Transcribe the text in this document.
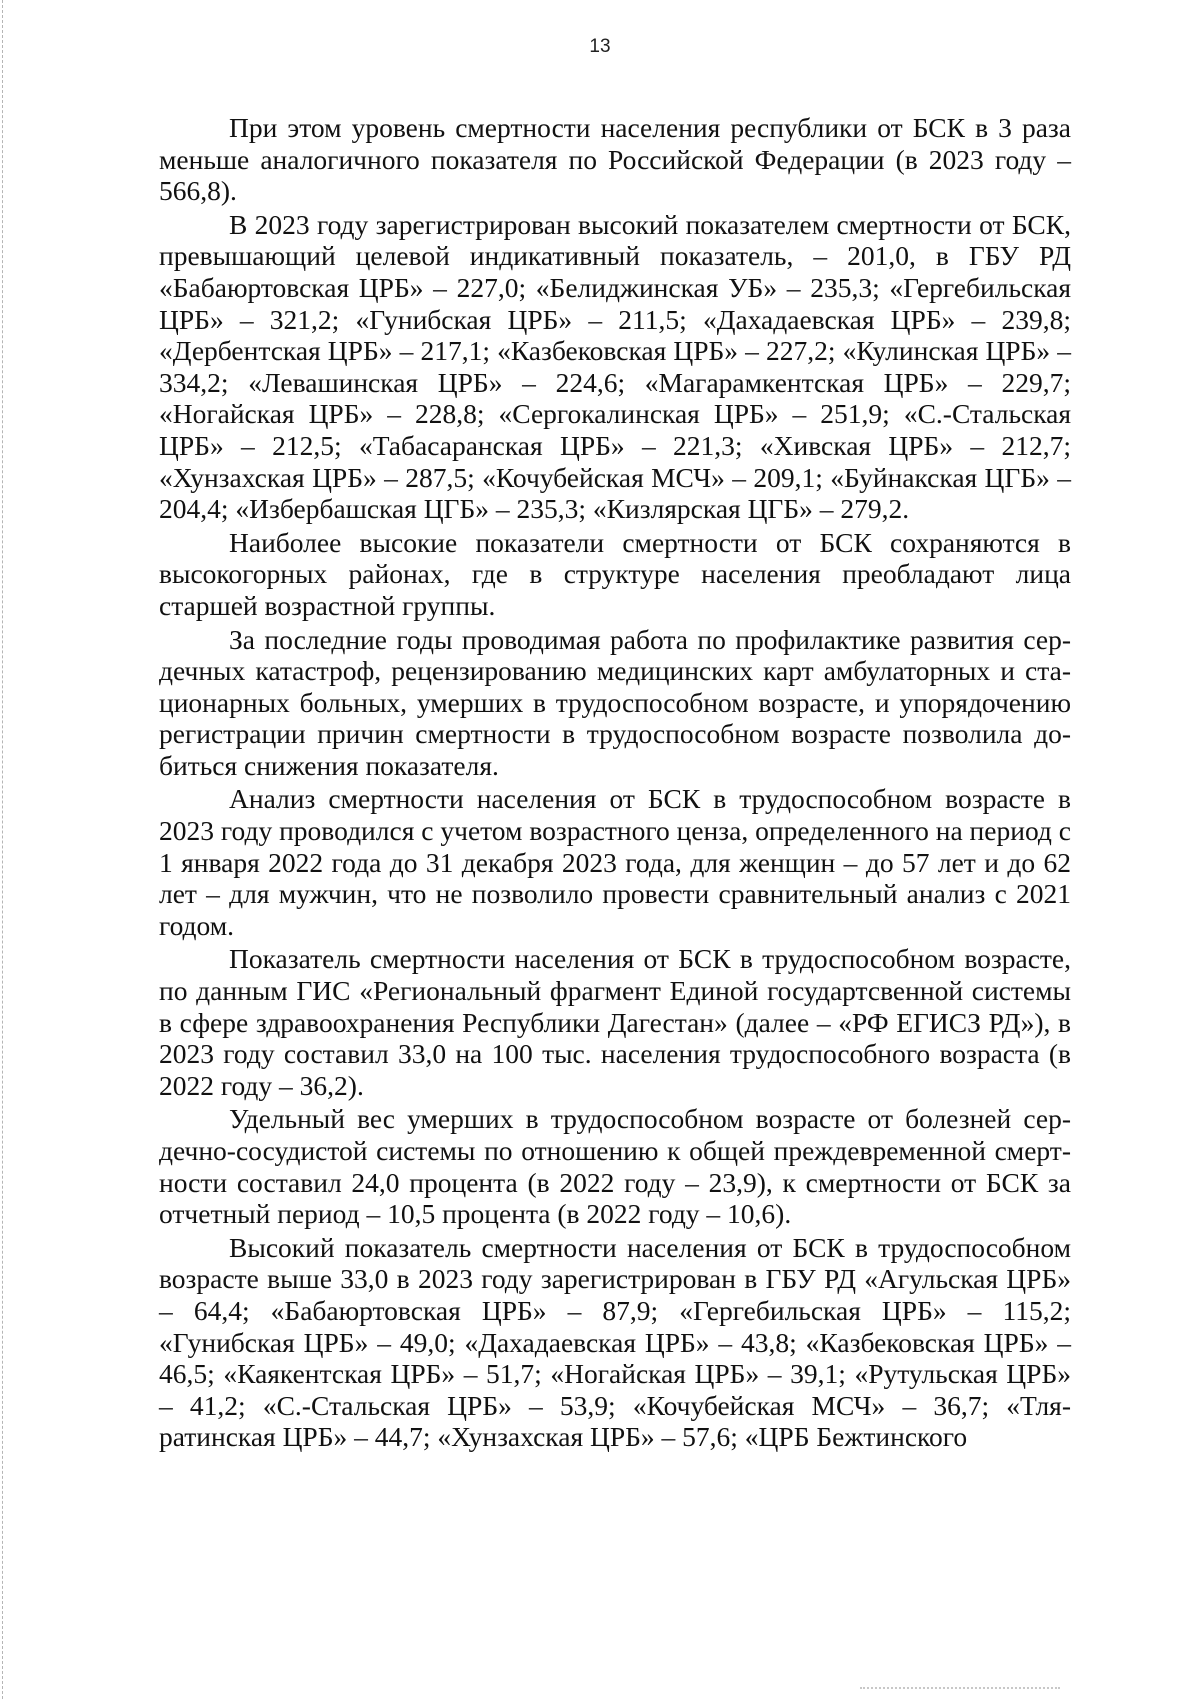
13

При этом уровень смертности населения республики от БСК в 3 раза меньше аналогичного показателя по Российской Федерации (в 2023 году – 566,8).

В 2023 году зарегистрирован высокий показателем смертности от БСК, превышающий целевой индикативный показатель, – 201,0, в ГБУ РД «Бабаюртовская ЦРБ» – 227,0; «Белиджинская УБ» – 235,3; «Гергебильская ЦРБ» – 321,2; «Гунибская ЦРБ» – 211,5; «Дахадаевская ЦРБ» – 239,8; «Дербентская ЦРБ» – 217,1; «Казбековская ЦРБ» – 227,2; «Кулинская ЦРБ» – 334,2; «Левашинская ЦРБ» – 224,6; «Магарамкентская ЦРБ» – 229,7; «Ногайская ЦРБ» – 228,8; «Сергокалинская ЦРБ» – 251,9; «С.-Стальская ЦРБ» – 212,5; «Табасаранская ЦРБ» – 221,3; «Хивская ЦРБ» – 212,7; «Хунзахская ЦРБ» – 287,5; «Кочубейская МСЧ» – 209,1; «Буйнакская ЦГБ» – 204,4; «Избербашская ЦГБ» – 235,3; «Кизлярская ЦГБ» – 279,2.

Наиболее высокие показатели смертности от БСК сохраняются в высокогорных районах, где в структуре населения преобладают лица старшей возрастной группы.

За последние годы проводимая работа по профилактике развития сердечных катастроф, рецензированию медицинских карт амбулаторных и стационарных больных, умерших в трудоспособном возрасте, и упорядочению регистрации причин смертности в трудоспособном возрасте позволила добиться снижения показателя.

Анализ смертности населения от БСК в трудоспособном возрасте в 2023 году проводился с учетом возрастного ценза, определенного на период с 1 января 2022 года до 31 декабря 2023 года, для женщин – до 57 лет и до 62 лет – для мужчин, что не позволило провести сравнительный анализ с 2021 годом.

Показатель смертности населения от БСК в трудоспособном возрасте, по данным ГИС «Региональный фрагмент Единой государтсвенной системы в сфере здравоохранения Республики Дагестан» (далее – «РФ ЕГИСЗ РД»), в 2023 году составил 33,0 на 100 тыс. населения трудоспособного возраста (в 2022 году – 36,2).

Удельный вес умерших в трудоспособном возрасте от болезней сердечно-сосудистой системы по отношению к общей преждевременной смертности составил 24,0 процента (в 2022 году – 23,9), к смертности от БСК за отчетный период – 10,5 процента (в 2022 году – 10,6).

Высокий показатель смертности населения от БСК в трудоспособном возрасте выше 33,0 в 2023 году зарегистрирован в ГБУ РД «Агульская ЦРБ» – 64,4; «Бабаюртовская ЦРБ» – 87,9; «Гергебильская ЦРБ» – 115,2; «Гунибская ЦРБ» – 49,0; «Дахадаевская ЦРБ» – 43,8; «Казбековская ЦРБ» – 46,5; «Каякентская ЦРБ» – 51,7; «Ногайская ЦРБ» – 39,1; «Рутульская ЦРБ» – 41,2; «С.-Стальская ЦРБ» – 53,9; «Кочубейская МСЧ» – 36,7; «Тляратинская ЦРБ» – 44,7; «Хунзахская ЦРБ» – 57,6; «ЦРБ Бежтинского
